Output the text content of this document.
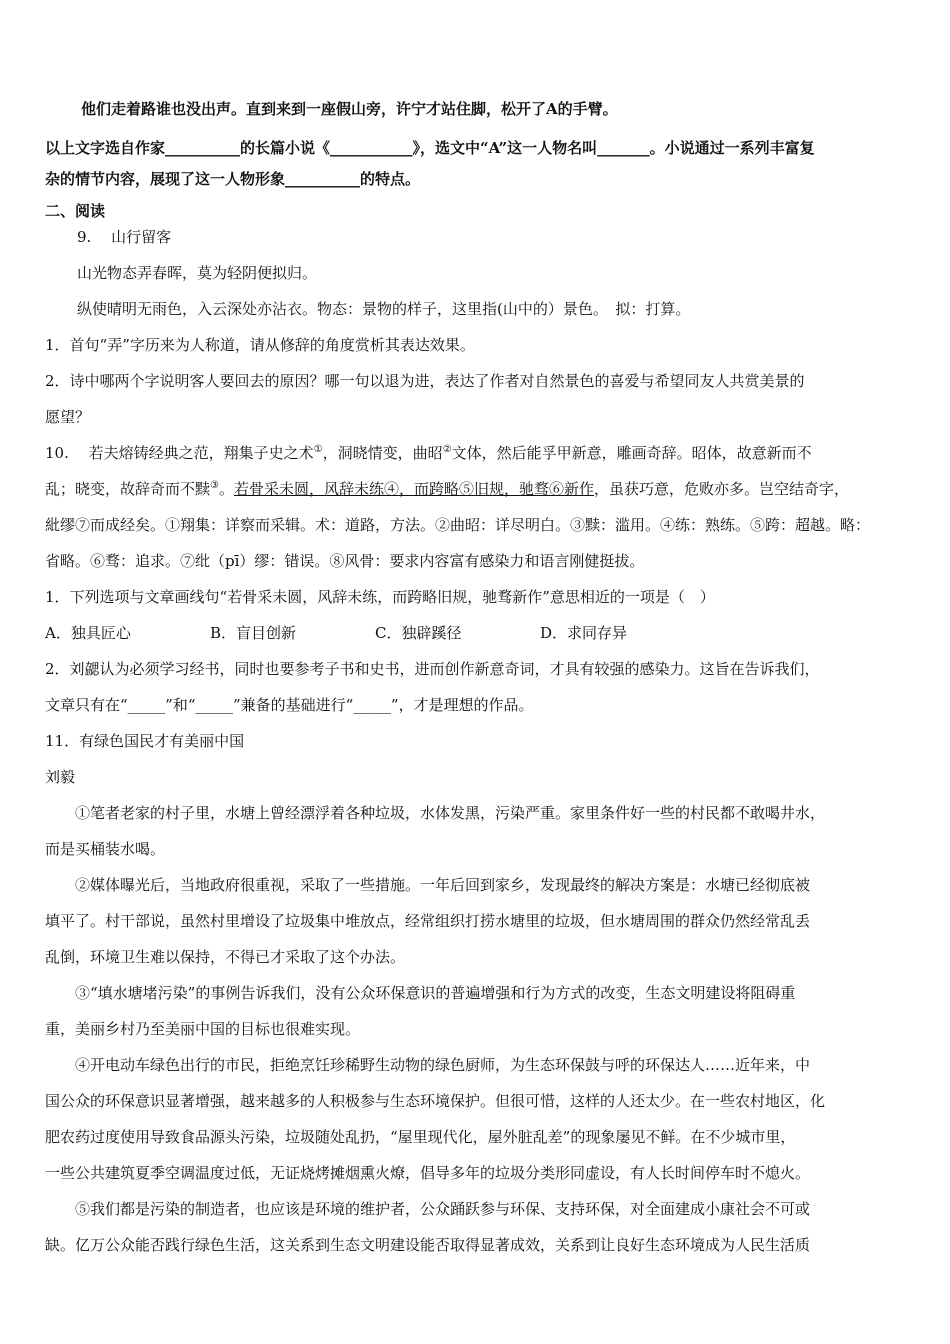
他们走着路谁也没出声。直到来到一座假山旁，许宁才站住脚，松开了A的手臂。
以上文字选自作家__________的长篇小说《___________》，选文中“A”这一人物名叫_______。小说通过一系列丰富复
杂的情节内容，展现了这一人物形象__________的特点。
二、阅读
9.　 山行留客
山光物态弄春晖，莫为轻阴便拟归。
纵使晴明无雨色，入云深处亦沾衣。物态：景物的样子，这里指(山中的）景色。　拟：打算。
1．首句“弄”字历来为人称道，请从修辞的角度赏析其表达效果。
2．诗中哪两个字说明客人要回去的原因？哪一句以退为进，表达了作者对自然景色的喜爱与希望同友人共赏美景的
愿望？
10.　 若夫熔铸经典之范，翔集子史之术①，洞晓情变，曲昭②文体，然后能孚甲新意，雕画奇辞。昭体，故意新而不
乱；晓变，故辞奇而不黩③。若骨采未圆，风辞未练④，而跨略⑤旧规，驰骛⑥新作，虽获巧意，危败亦多。岂空结奇字，
紕缪⑦而成经矣。①翔集：详察而采辑。术：道路，方法。②曲昭：详尽明白。③黩：滥用。④练：熟练。⑤跨：超越。略：
省略。⑥骛：追求。⑦纰（pī）缪：错误。⑧风骨：要求内容富有感染力和语言刚健挺拔。
1．下列选项与文章画线句“若骨采未圆，风辞未练，而跨略旧规，驰骛新作”意思相近的一项是（　）
A．独具匠心	B．盲目创新	C．独辟蹊径	D．求同存异
2．刘勰认为必须学习经书，同时也要参考子书和史书，进而创作新意奇词，才具有较强的感染力。这旨在告诉我们，
文章只有在“_____”和“_____”兼备的基础进行“_____”，才是理想的作品。
11．有绿色国民才有美丽中国
刘毅
①笔者老家的村子里，水塘上曾经漂浮着各种垃圾，水体发黑，污染严重。家里条件好一些的村民都不敢喝井水，
而是买桶装水喝。
②媒体曝光后，当地政府很重视，采取了一些措施。一年后回到家乡，发现最终的解决方案是：水塘已经彻底被
填平了。村干部说，虽然村里增设了垃圾集中堆放点，经常组织打捞水塘里的垃圾，但水塘周围的群众仍然经常乱丢
乱倒，环境卫生难以保持，不得已才采取了这个办法。
③“填水塘堵污染”的事例告诉我们，没有公众环保意识的普遍增强和行为方式的改变，生态文明建设将阻碍重
重，美丽乡村乃至美丽中国的目标也很难实现。
④开电动车绿色出行的市民，拒绝烹饪珍稀野生动物的绿色厨师，为生态环保鼓与呼的环保达人……近年来，中
国公众的环保意识显著增强，越来越多的人积极参与生态环境保护。但很可惜，这样的人还太少。在一些农村地区，化
肥农药过度使用导致食品源头污染，垃圾随处乱扔，“屋里现代化，屋外脏乱差”的现象屡见不鲜。在不少城市里，
一些公共建筑夏季空调温度过低，无证烧烤摊烟熏火燎，倡导多年的垃圾分类形同虚设，有人长时间停车时不熄火。
⑤我们都是污染的制造者，也应该是环境的维护者，公众踊跃参与环保、支持环保，对全面建成小康社会不可或
缺。亿万公众能否践行绿色生活，这关系到生态文明建设能否取得显著成效，关系到让良好生态环境成为人民生活质
